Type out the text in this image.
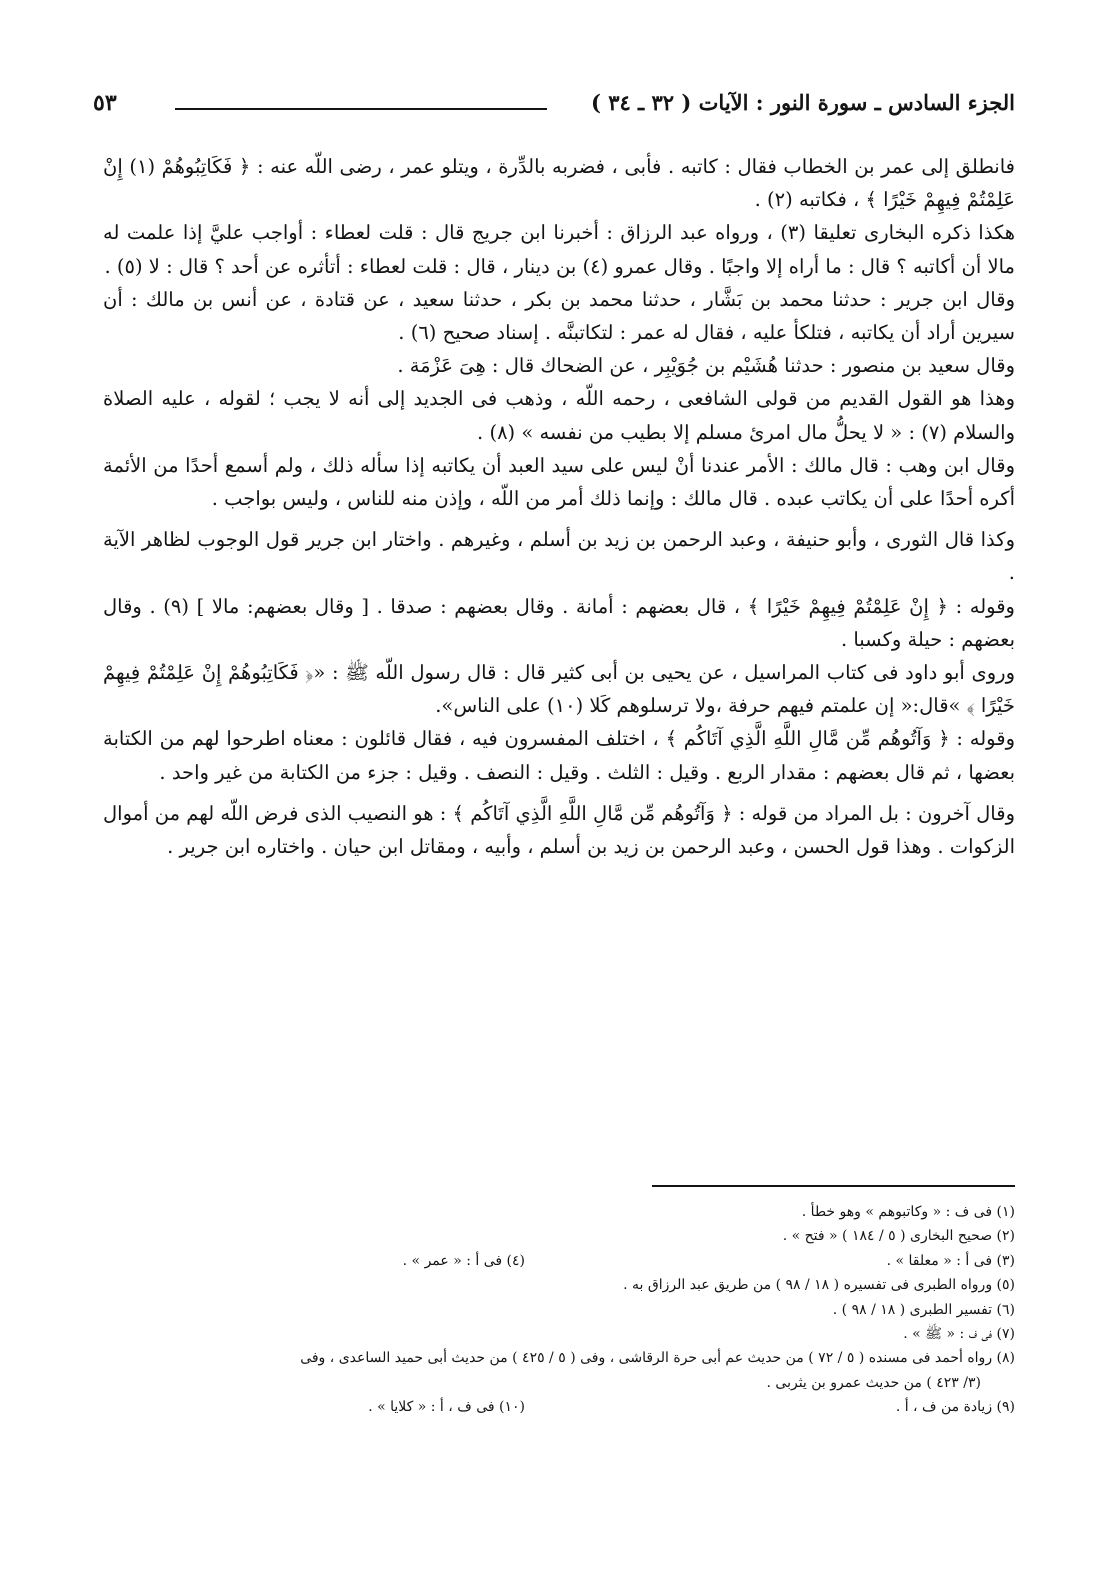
الجزء السادس ـ سورة النور : الآيات ( ٣٢ ـ ٣٤ )
٥٣

فانطلق إلى عمر بن الخطاب فقال : كاتبه . فأبى ، فضربه بالدِّرة ، ويتلو عمر ، رضى اللّه عنه : ﴿ فَكَاتِبُوهُمْ (١) إِنْ عَلِمْتُمْ فِيهِمْ خَيْرًا ﴾ ، فكاتبه (٢) .

هكذا ذكره البخارى تعليقا (٣) ، ورواه عبد الرزاق : أخبرنا ابن جريج قال : قلت لعطاء : أواجب عليَّ إذا علمت له مالا أن أكاتبه ؟ قال : ما أراه إلا واجبًا . وقال عمرو (٤) بن دينار ، قال : قلت لعطاء : أتأثره عن أحد ؟ قال : لا (٥) .

وقال ابن جرير : حدثنا محمد بن بَشَّار ، حدثنا محمد بن بكر ، حدثنا سعيد ، عن قتادة ، عن أنس بن مالك : أن سيرين أراد أن يكاتبه ، فتلكأ عليه ، فقال له عمر : لتكاتبنَّه . إسناد صحيح (٦) .

وقال سعيد بن منصور : حدثنا هُشَيْم بن جُوَيْبِر ، عن الضحاك قال : هِىَ عَزْمَة .

وهذا هو القول القديم من قولى الشافعى ، رحمه اللّه ، وذهب فى الجديد إلى أنه لا يجب ؛ لقوله ، عليه الصلاة والسلام (٧) : « لا يحلُّ مال امرئ مسلم إلا بطيب من نفسه » (٨) .

وقال ابن وهب : قال مالك : الأمر عندنا أنْ ليس على سيد العبد أن يكاتبه إذا سأله ذلك ، ولم أسمع أحدًا من الأئمة أكره أحدًا على أن يكاتب عبده . قال مالك : وإنما ذلك أمر من اللّه ، وإذن منه للناس ، وليس بواجب .

وكذا قال الثورى ، وأبو حنيفة ، وعبد الرحمن بن زيد بن أسلم ، وغيرهم . واختار ابن جرير قول الوجوب لظاهر الآية .

وقوله : ﴿ إِنْ عَلِمْتُمْ فِيهِمْ خَيْرًا ﴾ ، قال بعضهم : أمانة . وقال بعضهم : صدقا . [ وقال بعضهم: مالا ] (٩) . وقال بعضهم : حيلة وكسبا .

وروى أبو داود فى كتاب المراسيل ، عن يحيى بن أبى كثير قال : قال رسول اللّه ﷺ : «﴿ فَكَاتِبُوهُمْ إِنْ عَلِمْتُمْ فِيهِمْ خَيْرًا ﴾ »قال:« إن علمتم فيهم حرفة ،ولا ترسلوهم كَلا (١٠) على الناس».

وقوله : ﴿ وَآتُوهُم مِّن مَّالِ اللَّهِ الَّذِي آتَاكُم ﴾ ، اختلف المفسرون فيه ، فقال قائلون : معناه اطرحوا لهم من الكتابة بعضها ، ثم قال بعضهم : مقدار الربع . وقيل : الثلث . وقيل : النصف . وقيل : جزء من الكتابة من غير واحد .

وقال آخرون : بل المراد من قوله : ﴿ وَآتُوهُم مِّن مَّالِ اللَّهِ الَّذِي آتَاكُم ﴾ : هو النصيب الذى فرض اللّه لهم من أموال الزكوات . وهذا قول الحسن ، وعبد الرحمن بن زيد بن أسلم ، وأبيه ، ومقاتل ابن حيان . واختاره ابن جرير .

(١) فى ف : « وكاتبوهم » وهو خطأ .

(٢) صحيح البخارى ( ٥ / ١٨٤ ) « فتح » .

(٣) فى أ : « معلقا » .
(٤) فى أ : « عمر » .

(٥) ورواه الطبرى فى تفسيره ( ١٨ / ٩٨ ) من طريق عبد الرزاق به .

(٦) تفسير الطبرى ( ١٨ / ٩٨ ) .

(٧) فى ف : « ﷺ » .

(٨) رواه أحمد فى مسنده ( ٥ / ٧٢ ) من حديث عم أبى حرة الرقاشى ، وفى ( ٥ / ٤٢٥ ) من حديث أبى حميد الساعدى ، وفى

(٣/ ٤٢٣ ) من حديث عمرو بن يثربى .

(٩) زيادة من ف ، أ .
(١٠) فى ف ، أ : « كلايا » .
